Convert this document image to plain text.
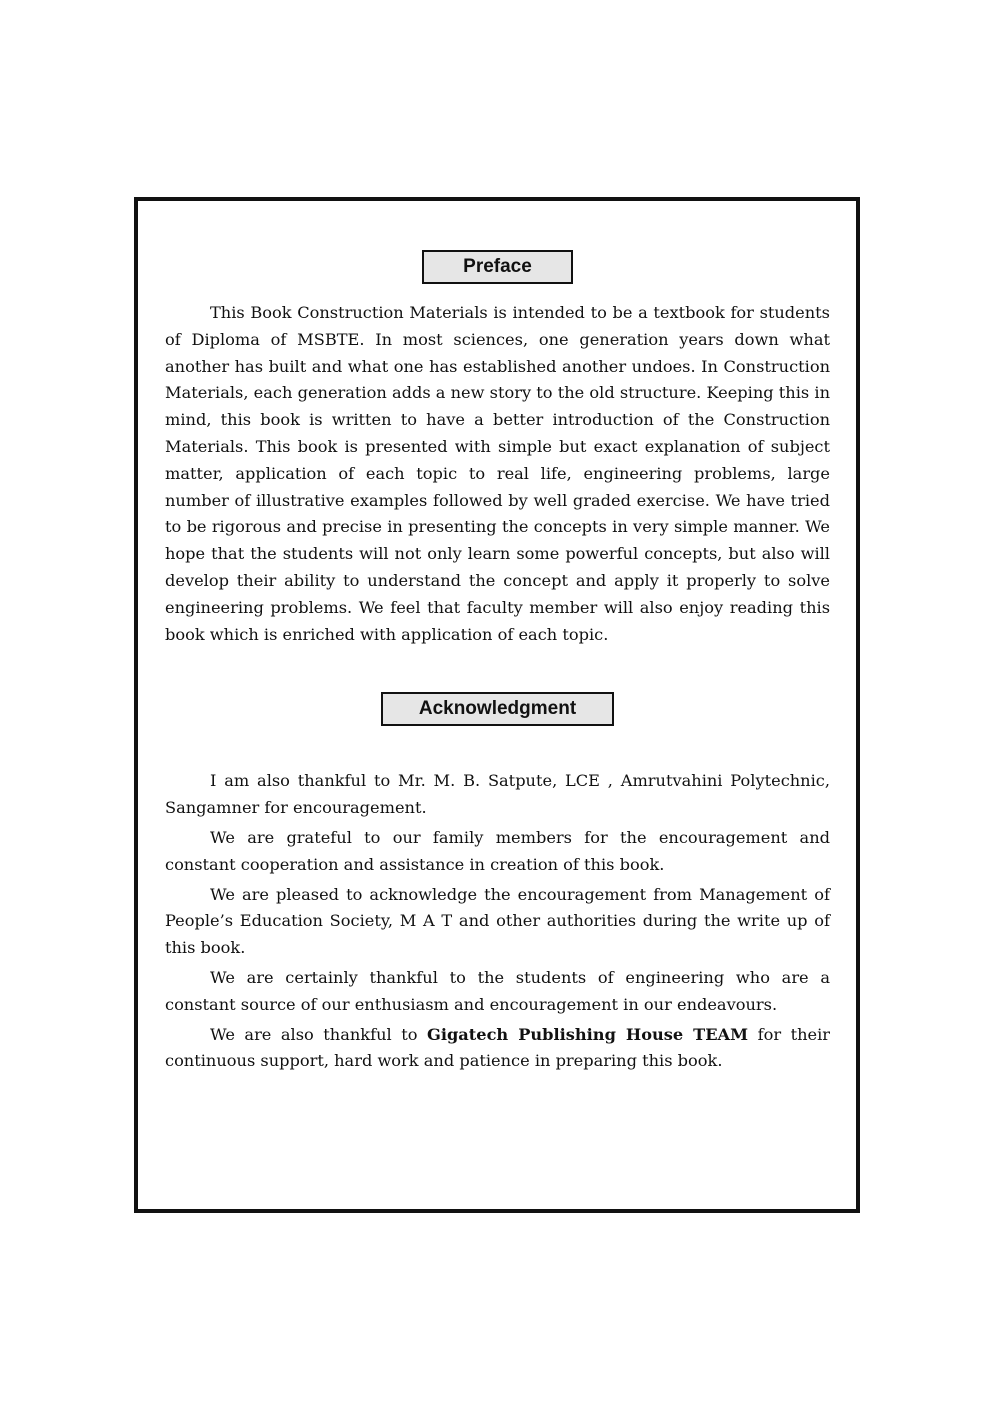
Preface

This Book Construction Materials is intended to be a textbook for students of Diploma of MSBTE. In most sciences, one generation years down what another has built and what one has established another undoes. In Construction Materials, each generation adds a new story to the old structure. Keeping this in mind, this book is written to have a better introduction of the Construction Materials. This book is presented with simple but exact explanation of subject matter, application of each topic to real life, engineering problems, large number of illustrative examples followed by well graded exercise. We have tried to be rigorous and precise in presenting the concepts in very simple manner. We hope that the students will not only learn some powerful concepts, but also will develop their ability to understand the concept and apply it properly to solve engineering problems. We feel that faculty member will also enjoy reading this book which is enriched with application of each topic.

Acknowledgment

I am also thankful to Mr. M. B. Satpute, LCE , Amrutvahini Polytechnic, Sangamner for encouragement.

We are grateful to our family members for the encouragement and constant cooperation and assistance in creation of this book.

We are pleased to acknowledge the encouragement from Management of People’s Education Society, M A T and other authorities during the write up of this book.

We are certainly thankful to the students of engineering who are a constant source of our enthusiasm and encouragement in our endeavours.

We are also thankful to Gigatech Publishing House TEAM for their continuous support, hard work and patience in preparing this book.
